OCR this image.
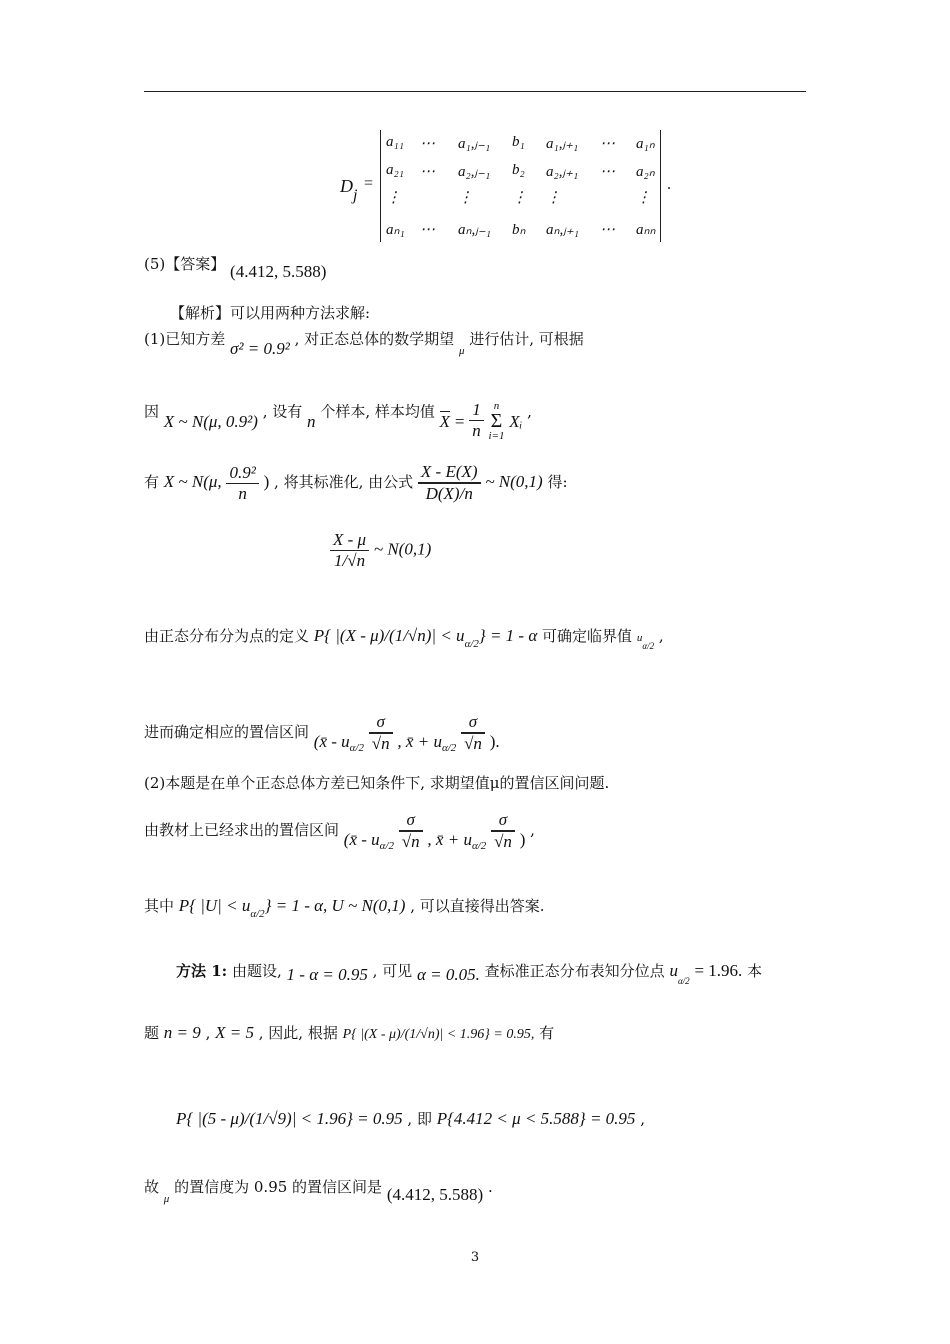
D j
=	.
a₁₁ ⋯ a₁,ⱼ₋₁ b₁ a₁,ⱼ₊₁ ⋯ a₁ₙ
a₂₁ ⋯ a₂,ⱼ₋₁ b₂ a₂,ⱼ₊₁ ⋯ a₂ₙ
⋮	⋮	⋮ ⋮	⋮
aₙ₁ ⋯ aₙ,ⱼ₋₁ bₙ aₙ,ⱼ₊₁ ⋯ aₙₙ
(5)【答案】 (4.412, 5.588)
【解析】可以用两种方法求解:
(1)已知方差 σ² = 0.9² , 对正态总体的数学期望 $_\mu$ 进行估计, 可根据
因 X ~ N(μ, 0.9²) , 设有 n 个样本, 样本均值 $X = \frac{1}{n}$
n
Σ
i=1
Xᵢ ,
有 X ~ N(μ, $\frac{\text{0.9²}}{n}$ ) , 将其标准化, 由公式 $\frac{X - E(X)}{D(X)/n}$ ~ N(0,1) 得:
$\frac{X - \mu}{1/√n}$ ~ N(0,1)
由正态分布分为点的定义 P{ $|(X - \mu)/(1/√n)| < u_{\alpha/2}\} = 1 - \alpha$ 可确定临界值 $u_{\alpha/2}$ ,
进而确定相应的置信区间 (x̄ - $u_{\alpha/2} \frac{\sigma}{√n}$ , x̄ + $u_{\alpha/2} \frac{\sigma}{√n}$ ).
(2)本题是在单个正态总体方差已知条件下, 求期望值μ的置信区间问题.
由教材上已经求出的置信区间 (x̄ - $u_{\alpha/2} \frac{\sigma}{√n}$ , x̄ + $u_{\alpha/2} \frac{\sigma}{√n}$ ) ,
其中 P{ $|U| < u_{\alpha/2}\} = 1 - \alpha$, U ~ N(0,1) , 可以直接得出答案.
方法 1: 由题设, 1 - α = 0.95 , 可见 α = 0.05. 查标准正态分布表知分位点 $u_{\alpha/2} = 1.96$. 本
题 n = 9 , X = 5 , 因此, 根据 P{ |(X - μ)/(1/√n)| < 1.96} = 0.95, 有
P{ |(5 - μ)/(1/√9)| < 1.96} = 0.95 , 即 P{4.412 < μ < 5.588} = 0.95 ,
故 $_\mu$ 的置信度为 0.95 的置信区间是 (4.412, 5.588) .
3
